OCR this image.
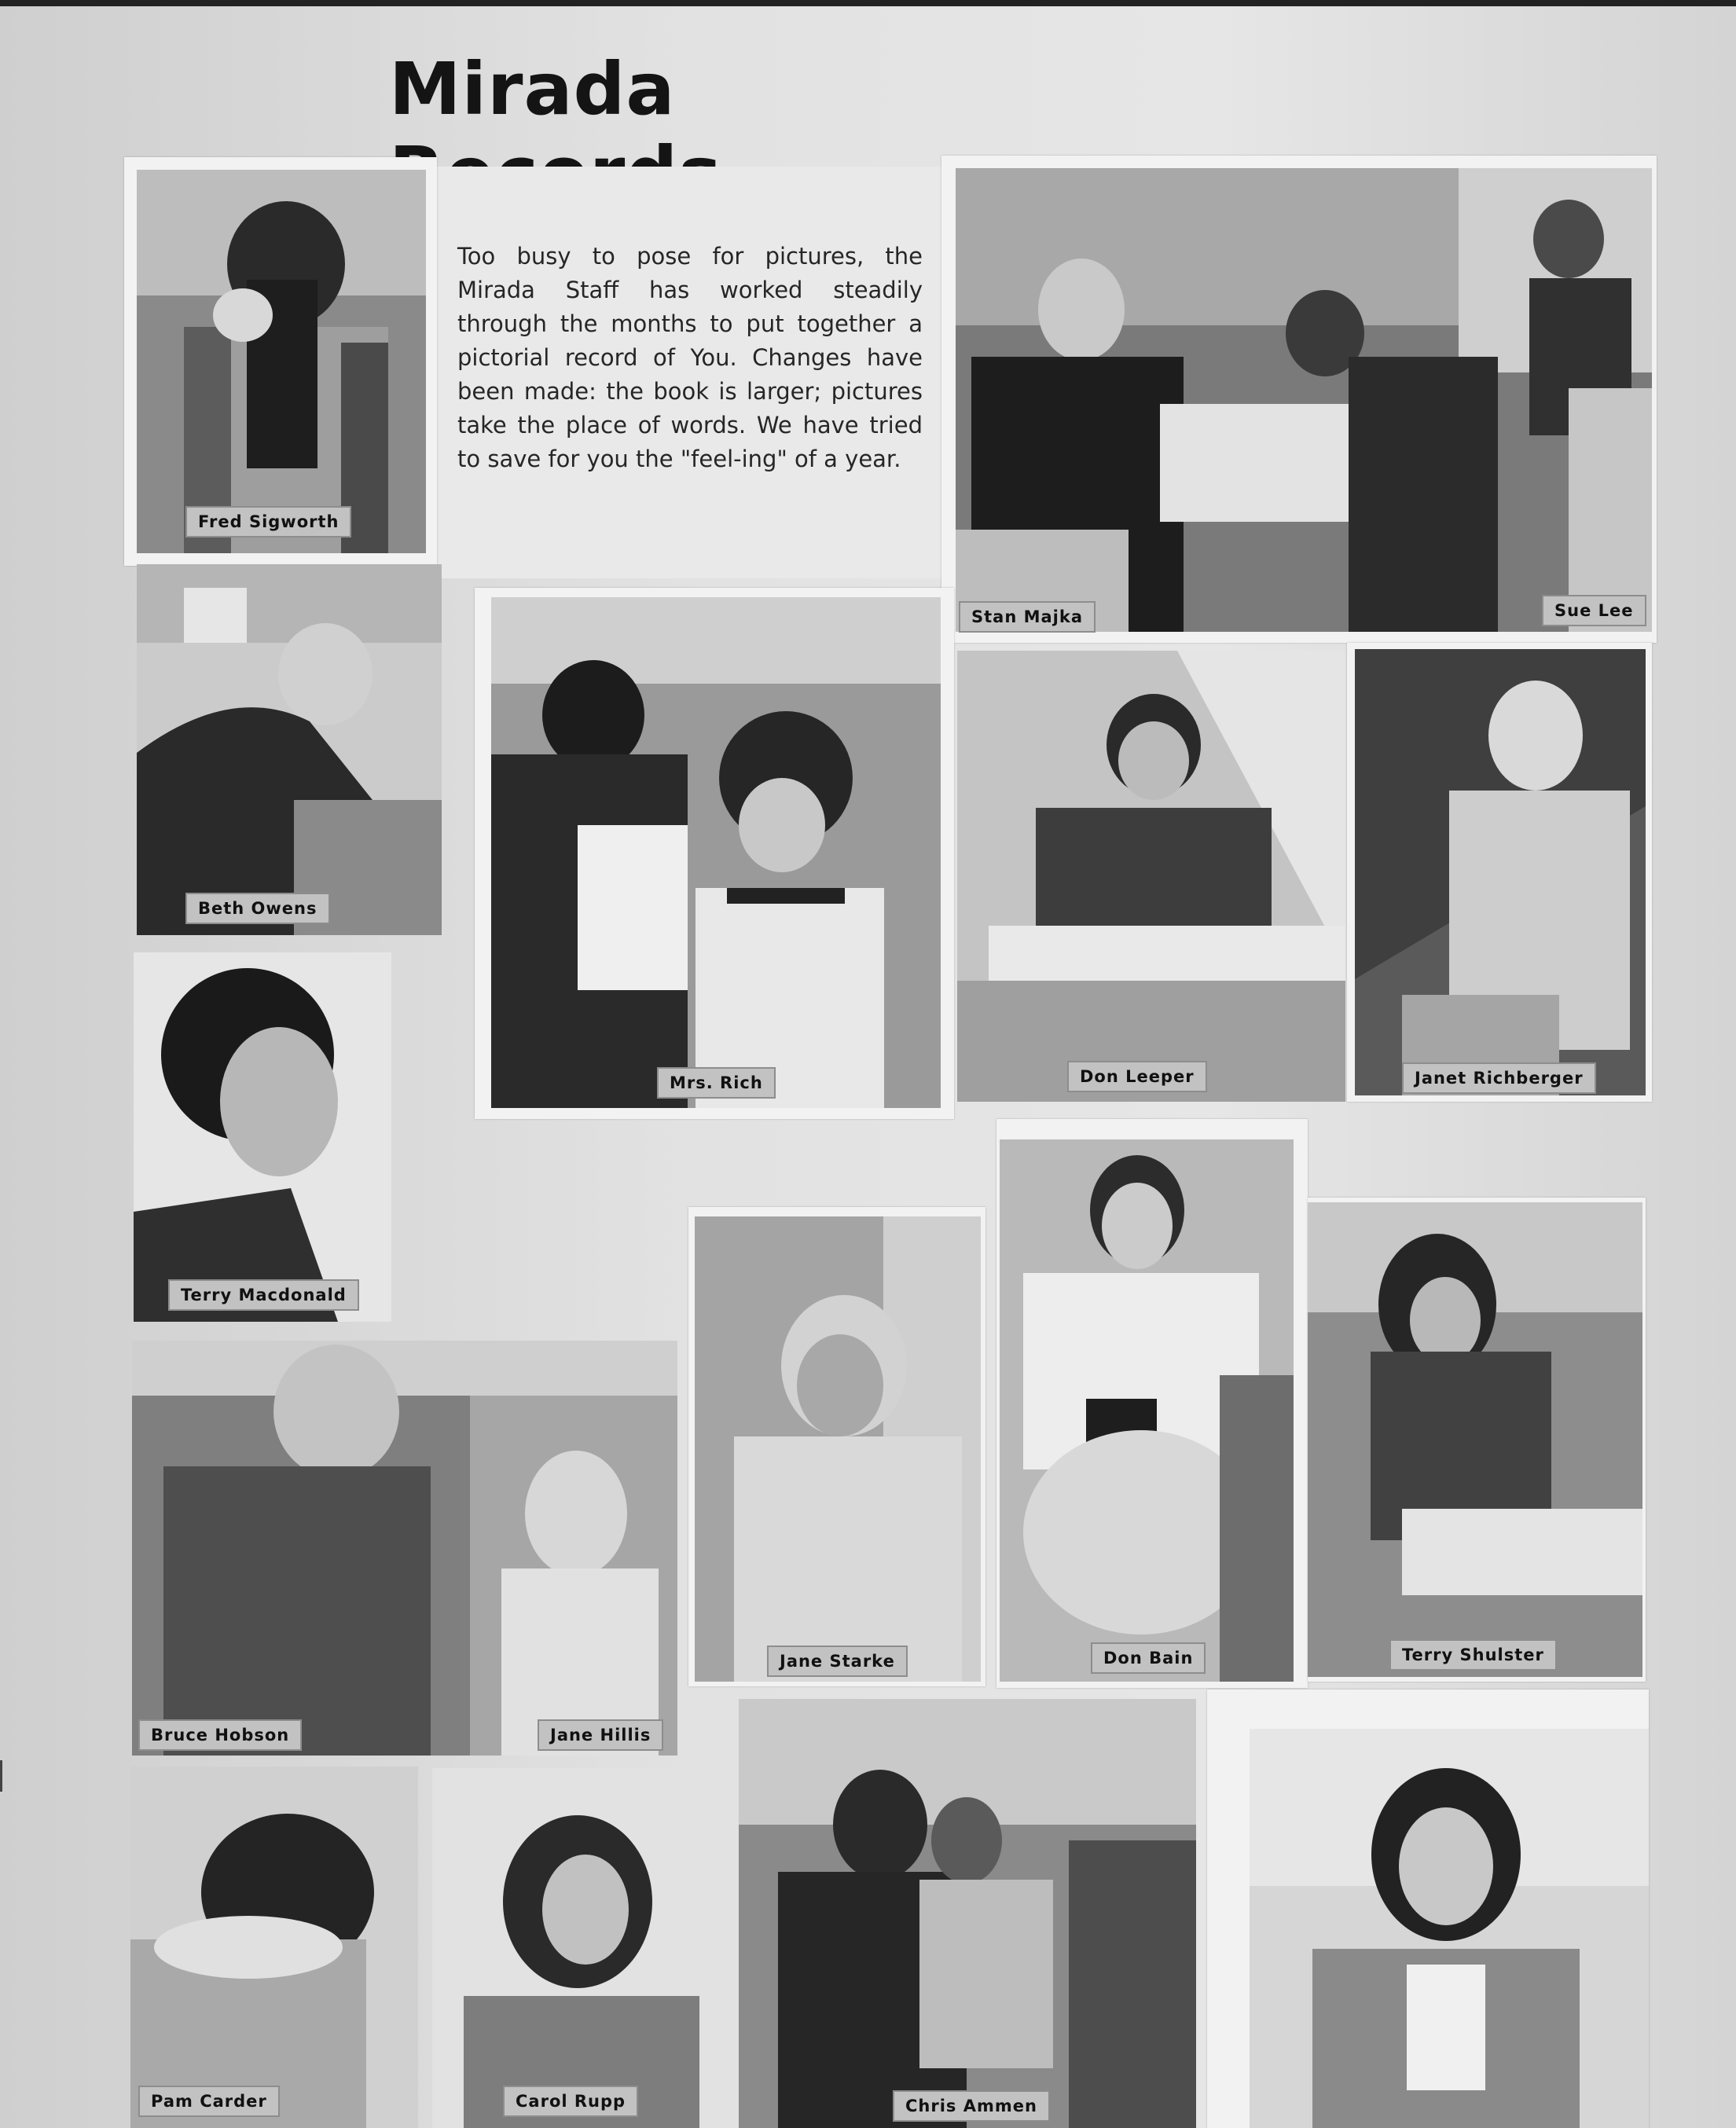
Mirada
Too busy to pose for pictures, the Mirada Staff has worked steadily through the months to put together a pictorial record of You. Changes have been made: the book is larger; pictures take the place of words. We have tried to save for you the "feel-ing" of a year.
Fred Sigworth
Stan Majka	Sue Lee
Beth Owens
Mrs. Rich	Don Leeper	Janet Richberger
Terry Macdonald
Bruce Hobson	Jane Hillis
Jane Starke	Don Bain	Terry Shulster
Pam Carder	Carol Rupp	Chris Ammen
